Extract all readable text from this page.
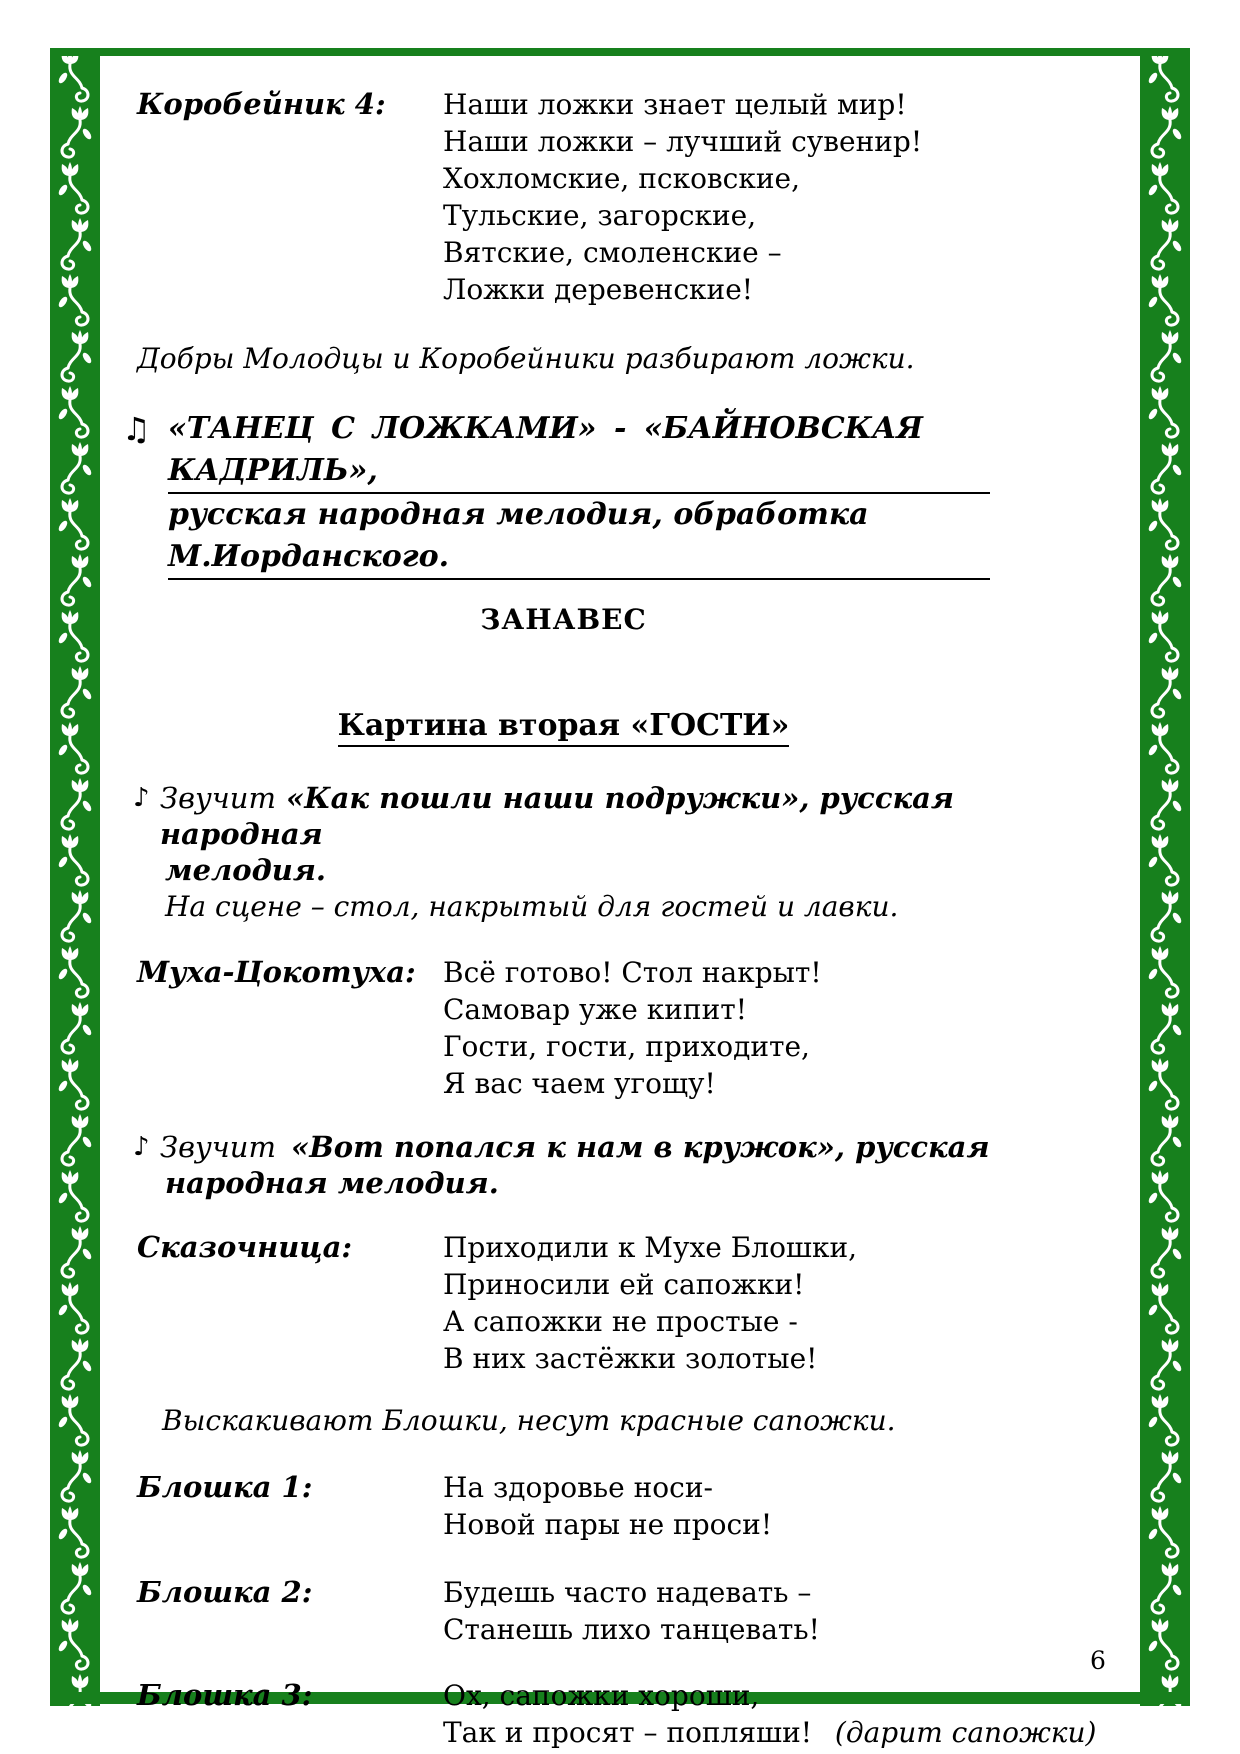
Коробейник 4:	Наши ложки знает целый мир!
Наши ложки – лучший сувенир!
Хохломские, псковские,
Тульские, загорские,
Вятские, смоленские –
Ложки деревенские!
Добры Молодцы и Коробейники разбирают ложки.
♫ «ТАНЕЦ С ЛОЖКАМИ» - «БАЙНОВСКАЯ КАДРИЛЬ»,
русская народная мелодия, обработка М.Иорданского.
ЗАНАВЕС
Картина вторая «ГОСТИ»
♪ Звучит «Как пошли наши подружки», русская народная
мелодия.
На сцене – стол, накрытый для гостей и лавки.
Муха-Цокотуха: Всё готово! Стол накрыт!
Самовар уже кипит!
Гости, гости, приходите,
Я вас чаем угощу!
♪ Звучит «Вот попался к нам в кружок», русская
народная мелодия.
Сказочница:	Приходили к Мухе Блошки,
Приносили ей сапожки!
А сапожки не простые -
В них застёжки золотые!
Выскакивают Блошки, несут красные сапожки.
Блошка 1:	На здоровье носи-
Новой пары не проси!
Блошка 2:	Будешь часто надевать –
Станешь лихо танцевать!
Блошка 3:	Ох, сапожки хороши,
Так и просят – попляши! (дарит сапожки)
6
